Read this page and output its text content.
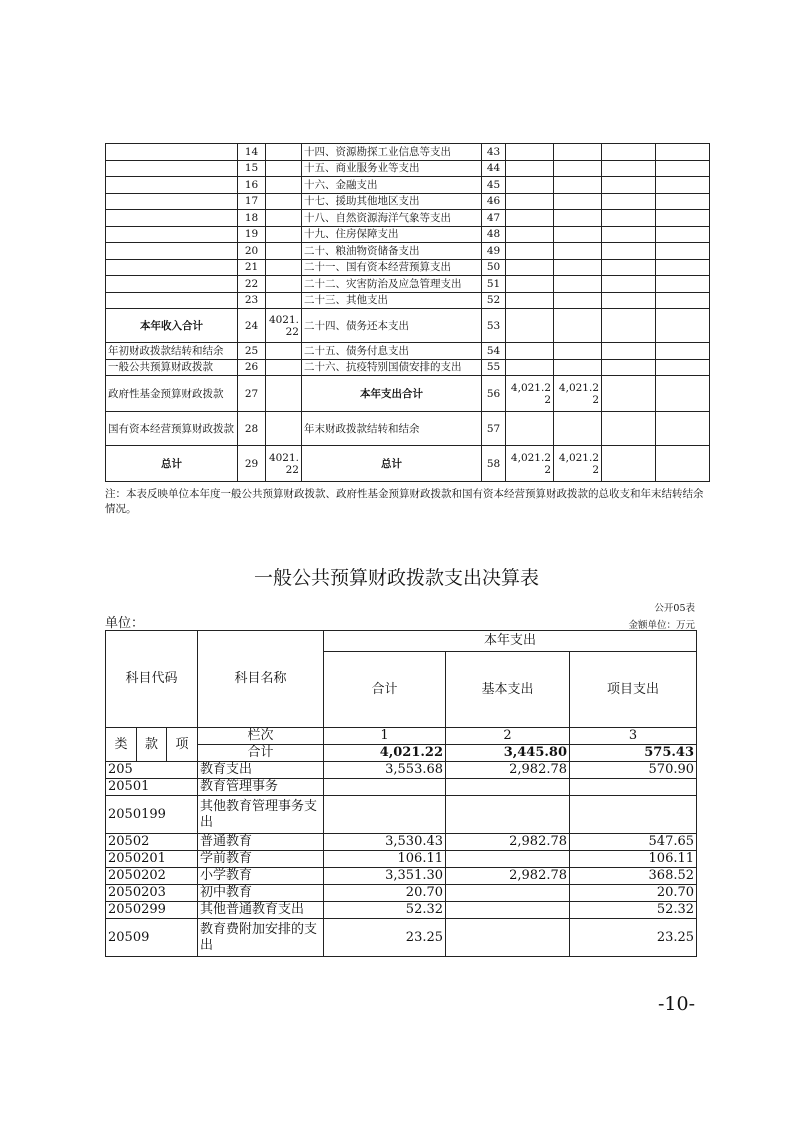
	14		十四、资源勘探工业信息等支出	43				
	15		十五、商业服务业等支出	44				
	16		十六、金融支出	45				
	17		十七、援助其他地区支出	46				
	18		十八、自然资源海洋气象等支出	47				
	19		十九、住房保障支出	48				
	20		二十、粮油物资储备支出	49				
	21		二十一、国有资本经营预算支出	50				
	22		二十二、灾害防治及应急管理支出	51				
	23		二十三、其他支出	52				
本年收入合计	24	4021.22	二十四、债务还本支出	53				
年初财政拨款结转和结余	25		二十五、债务付息支出	54				
一般公共预算财政拨款	26		二十六、抗疫特别国债安排的支出	55				
政府性基金预算财政拨款	27		本年支出合计	56	4,021.22	4,021.22		
国有资本经营预算财政拨款	28		年末财政拨款结转和结余	57				
总计	29	4021.22	总计	58	4,021.22	4,021.22		
注：本表反映单位本年度一般公共预算财政拨款、政府性基金预算财政拨款和国有资本经营预算财政拨款的总收支和年末结转结余情况。
一般公共预算财政拨款支出决算表
公开05表
单位：	金额单位：万元
科目代码			科目名称	本年支出		
				合计	基本支出	项目支出
类	款	项	栏次	1	2	3
			合计	4,021.22	3,445.80	575.43
205			教育支出	3,553.68	2,982.78	570.90
20501			教育管理事务			
2050199			其他教育管理事务支出			
20502			普通教育	3,530.43	2,982.78	547.65
2050201			学前教育	106.11		106.11
2050202			小学教育	3,351.30	2,982.78	368.52
2050203			初中教育	20.70		20.70
2050299			其他普通教育支出	52.32		52.32
20509			教育费附加安排的支出	23.25		23.25
-10-
